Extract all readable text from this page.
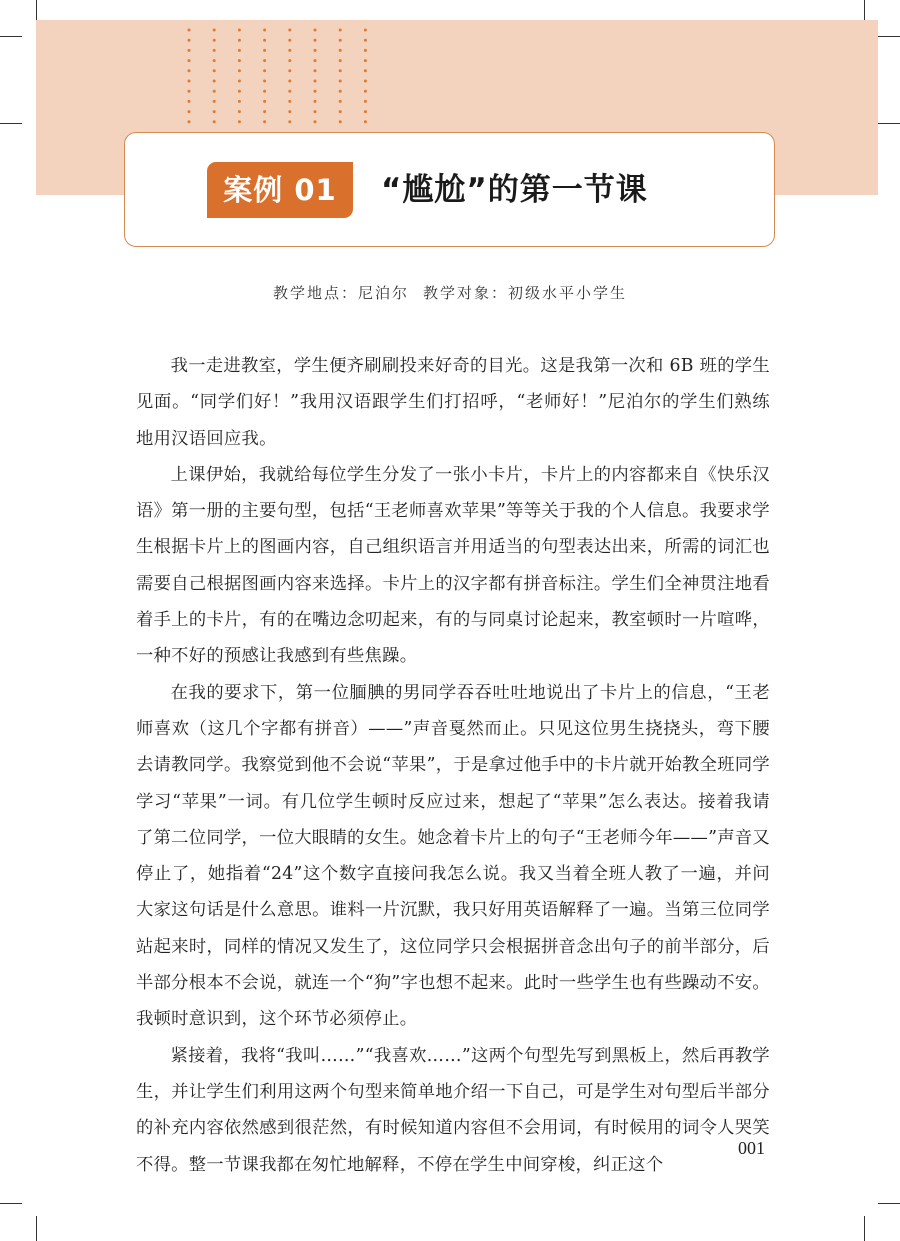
案例 01	“尴尬”的第一节课
教学地点：尼泊尔 教学对象：初级水平小学生

我一走进教室，学生便齐刷刷投来好奇的目光。这是我第一次和 6B 班的学生见面。“同学们好！”我用汉语跟学生们打招呼，“老师好！”尼泊尔的学生们熟练地用汉语回应我。

上课伊始，我就给每位学生分发了一张小卡片，卡片上的内容都来自《快乐汉语》第一册的主要句型，包括“王老师喜欢苹果”等等关于我的个人信息。我要求学生根据卡片上的图画内容，自己组织语言并用适当的句型表达出来，所需的词汇也需要自己根据图画内容来选择。卡片上的汉字都有拼音标注。学生们全神贯注地看着手上的卡片，有的在嘴边念叨起来，有的与同桌讨论起来，教室顿时一片喧哗，一种不好的预感让我感到有些焦躁。

在我的要求下，第一位腼腆的男同学吞吞吐吐地说出了卡片上的信息，“王老师喜欢（这几个字都有拼音）——”声音戛然而止。只见这位男生挠挠头，弯下腰去请教同学。我察觉到他不会说“苹果”，于是拿过他手中的卡片就开始教全班同学学习“苹果”一词。有几位学生顿时反应过来，想起了“苹果”怎么表达。接着我请了第二位同学，一位大眼睛的女生。她念着卡片上的句子“王老师今年——”声音又停止了，她指着“24”这个数字直接问我怎么说。我又当着全班人教了一遍，并问大家这句话是什么意思。谁料一片沉默，我只好用英语解释了一遍。当第三位同学站起来时，同样的情况又发生了，这位同学只会根据拼音念出句子的前半部分，后半部分根本不会说，就连一个“狗”字也想不起来。此时一些学生也有些躁动不安。我顿时意识到，这个环节必须停止。

紧接着，我将“我叫……”“我喜欢……”这两个句型先写到黑板上，然后再教学生，并让学生们利用这两个句型来简单地介绍一下自己，可是学生对句型后半部分的补充内容依然感到很茫然，有时候知道内容但不会用词，有时候用的词令人哭笑不得。整一节课我都在匆忙地解释，不停在学生中间穿梭，纠正这个

001
